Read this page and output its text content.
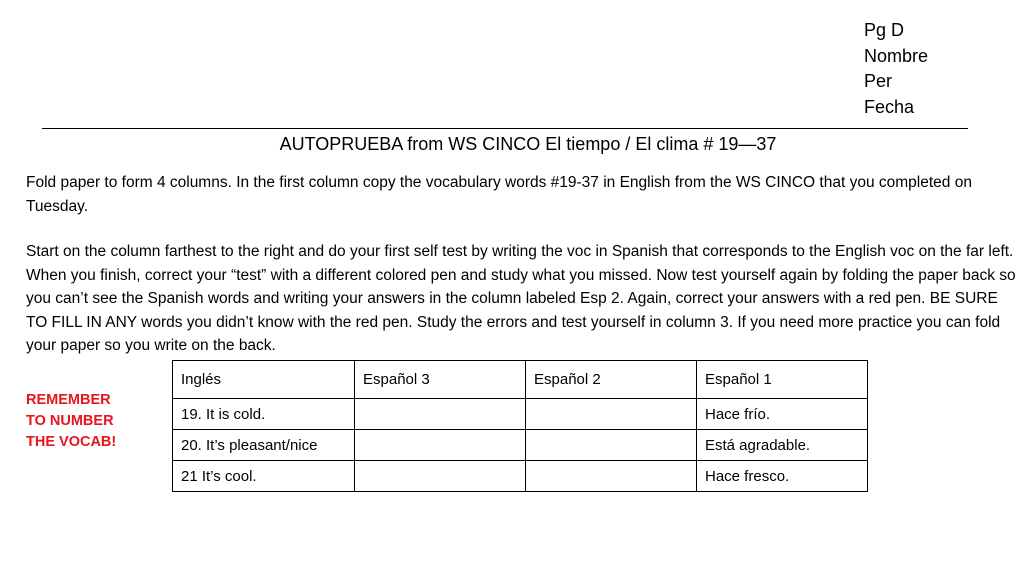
Pg D
Nombre
Per
Fecha
AUTOPRUEBA from WS CINCO El tiempo / El clima # 19—37

Fold paper to form 4 columns. In the first column copy the vocabulary words #19-37 in English from the WS CINCO that you completed on Tuesday.

Start on the column farthest to the right and do your first self test by writing the voc in Spanish that corresponds to the English voc on the far left. When you finish, correct your “test” with a different colored pen and study what you missed. Now test yourself again by folding the paper back so you can’t see the Spanish words and writing your answers in the column labeled Esp 2. Again, correct your answers with a red pen. BE SURE TO FILL IN ANY words you didn’t know with the red pen. Study the errors and test yourself in column 3. If you need more practice you can fold your paper so you write on the back.

REMEMBER
TO NUMBER
THE VOCAB!
Inglés	Español 3	Español 2	Español 1
19. It is cold.			Hace frío.
20. It’s pleasant/nice			Está agradable.
21 It’s cool.			Hace fresco.
